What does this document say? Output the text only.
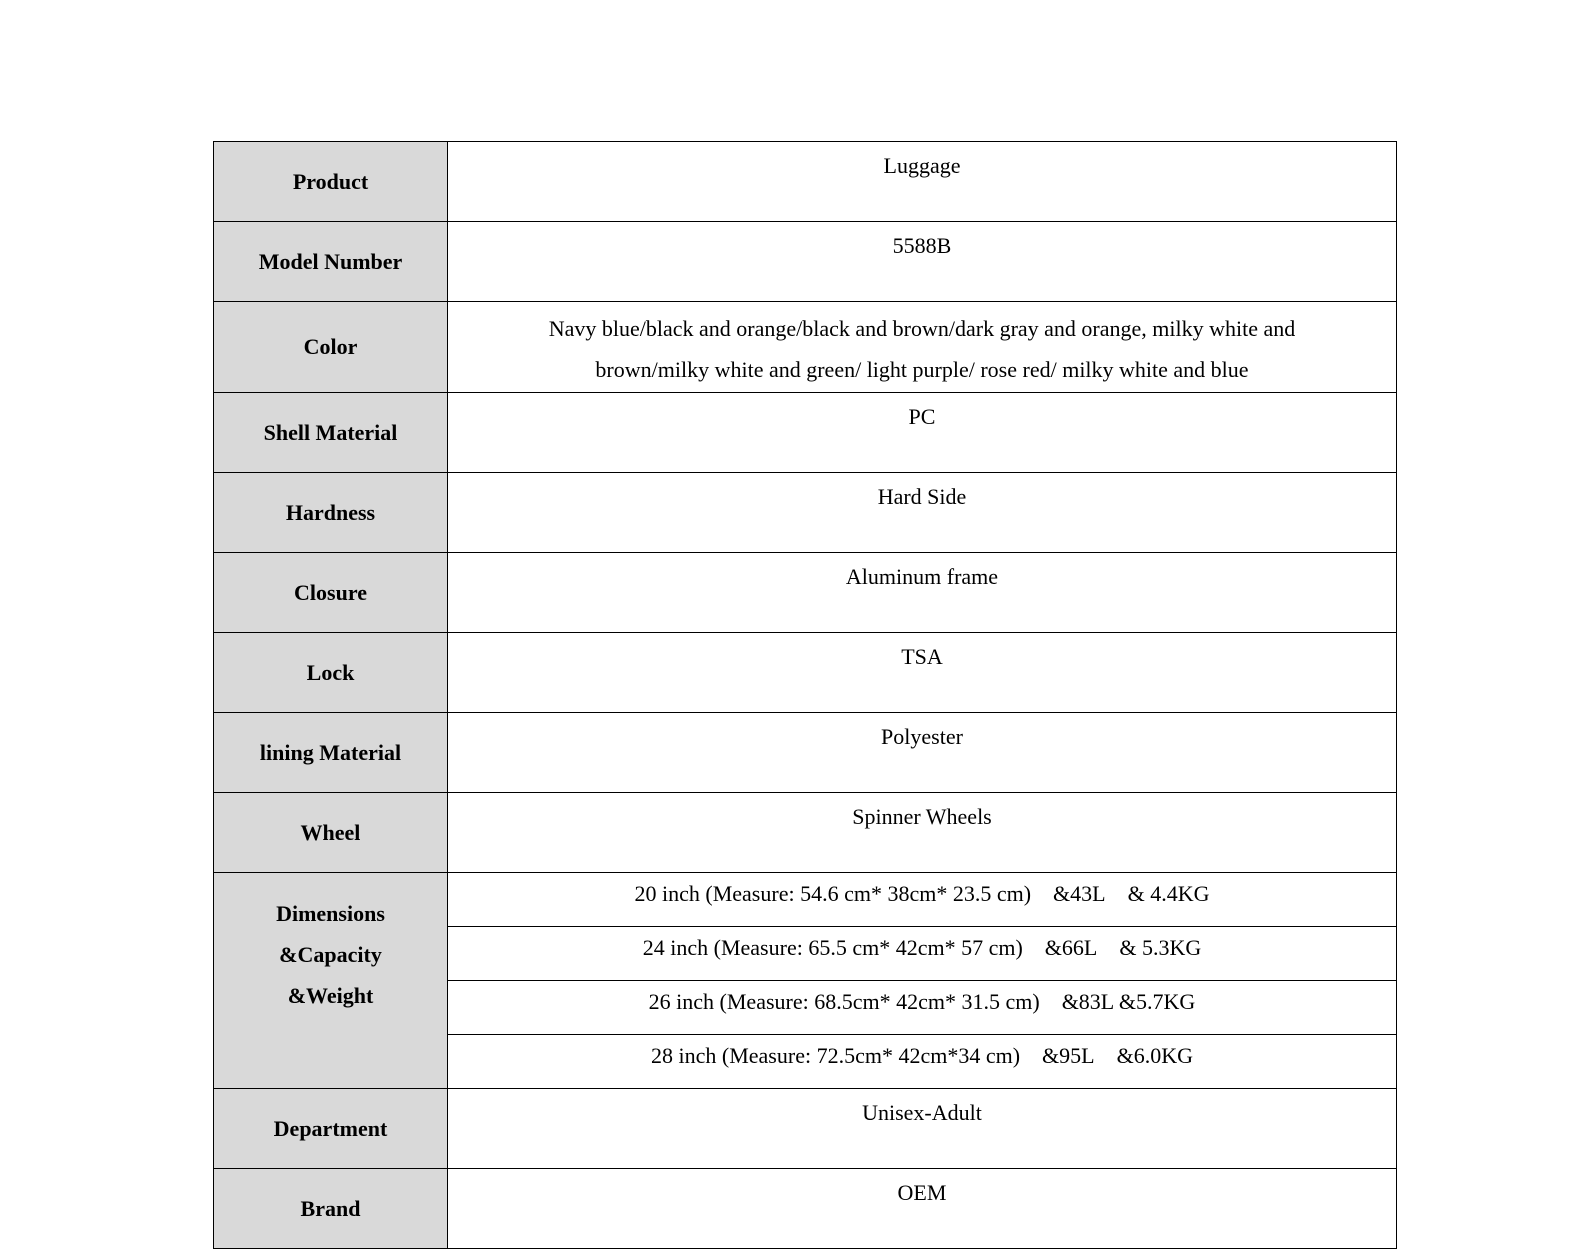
Product	Luggage
Model Number	5588B
Color	Navy blue/black and orange/black and brown/dark gray and orange, milky white and
brown/milky white and green/ light purple/ rose red/ milky white and blue

Shell Material	PC
Hardness	Hard Side
Closure	Aluminum frame
Lock	TSA
lining Material	Polyester
Wheel	Spinner Wheels

Dimensions
&Capacity
&Weight	20 inch (Measure: 54.6 cm* 38cm* 23.5 cm)    &43L    & 4.4KG
	24 inch (Measure: 65.5 cm* 42cm* 57 cm)    &66L    & 5.3KG
	26 inch (Measure: 68.5cm* 42cm* 31.5 cm)    &83L &5.7KG
	28 inch (Measure: 72.5cm* 42cm*34 cm)    &95L    &6.0KG
Department	Unisex-Adult
Brand	OEM
